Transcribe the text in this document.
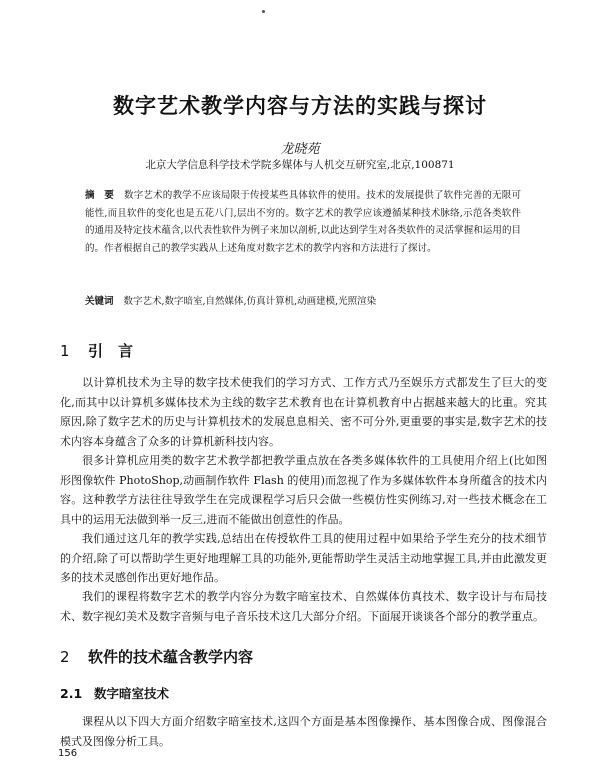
数字艺术教学内容与方法的实践与探讨
龙晓苑
北京大学信息科学技术学院多媒体与人机交互研究室,北京,100871
摘　要 数字艺术的教学不应该局限于传授某些具体软件的使用。技术的发展提供了软件完善的无限可能性,而且软件的变化也是五花八门,层出不穷的。数字艺术的教学应该遵循某种技术脉络,示范各类软件的通用及特定技术蕴含,以代表性软件为例子来加以剖析,以此达到学生对各类软件的灵活掌握和运用的目的。作者根据自己的教学实践从上述角度对数字艺术的教学内容和方法进行了探讨。
关键词 数字艺术,数字暗室,自然媒体,仿真计算机,动画建模,光照渲染
1 引　言
以计算机技术为主导的数字技术使我们的学习方式、工作方式乃至娱乐方式都发生了巨大的变化,而其中以计算机多媒体技术为主线的数字艺术教育也在计算机教育中占据越来越大的比重。究其原因,除了数字艺术的历史与计算机技术的发展息息相关、密不可分外,更重要的事实是,数字艺术的技术内容本身蕴含了众多的计算机新科技内容。
很多计算机应用类的数字艺术教学都把教学重点放在各类多媒体软件的工具使用介绍上(比如图形图像软件 PhotoShop,动画制作软件 Flash 的使用)而忽视了作为多媒体软件本身所蕴含的技术内容。这种教学方法往往导致学生在完成课程学习后只会做一些模仿性实例练习,对一些技术概念在工具中的运用无法做到举一反三,进而不能做出创意性的作品。
我们通过这几年的教学实践,总结出在传授软件工具的使用过程中如果给予学生充分的技术细节的介绍,除了可以帮助学生更好地理解工具的功能外,更能帮助学生灵活主动地掌握工具,并由此激发更多的技术灵感创作出更好地作品。
我们的课程将数字艺术的教学内容分为数字暗室技术、自然媒体仿真技术、数字设计与布局技术、数字视幻美术及数字音频与电子音乐技术这几大部分介绍。下面展开谈谈各个部分的教学重点。
2 软件的技术蕴含教学内容
2.1 数字暗室技术
课程从以下四大方面介绍数字暗室技术,这四个方面是基本图像操作、基本图像合成、图像混合模式及图像分析工具。
156
